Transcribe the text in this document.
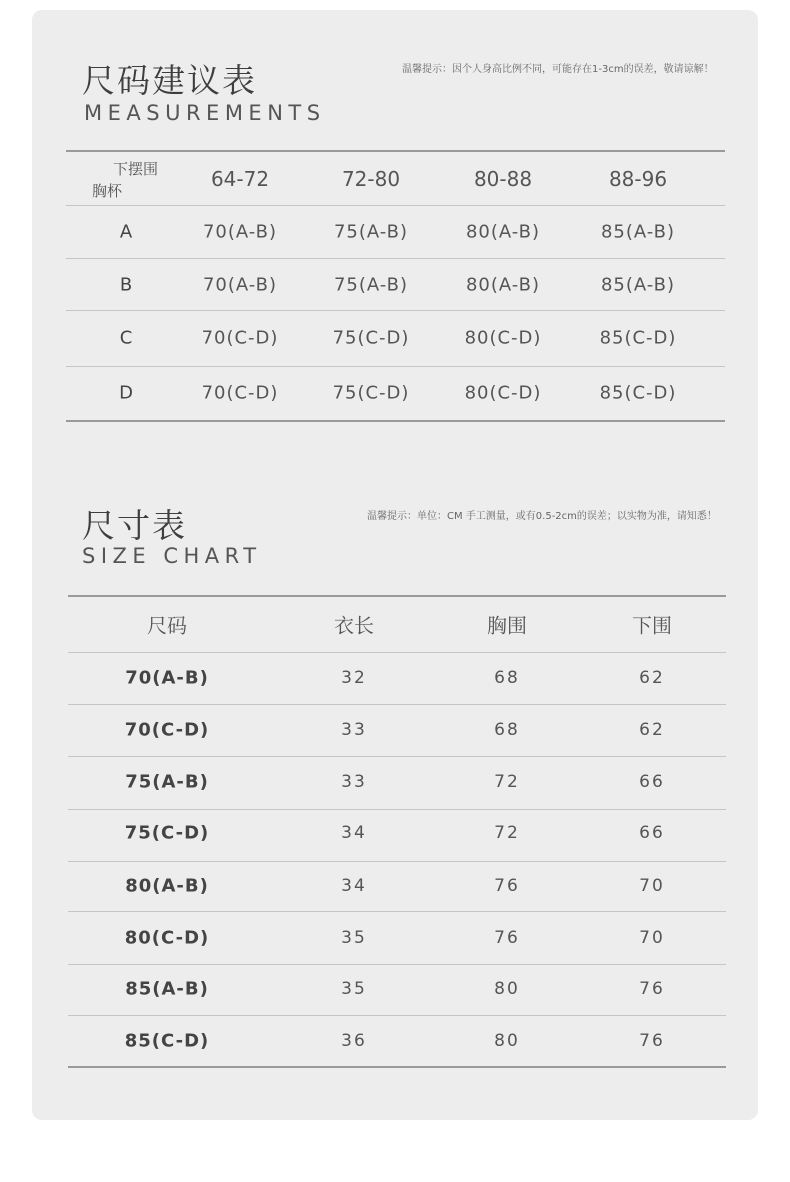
尺码建议表
MEASUREMENTS
温馨提示：因个人身高比例不同，可能存在1-3cm的误差，敬请谅解！
下摆围
胸杯	64-72	72-80	80-88	88-96
A	70(A-B)	75(A-B)	80(A-B)	85(A-B)
B	70(A-B)	75(A-B)	80(A-B)	85(A-B)
C	70(C-D)	75(C-D)	80(C-D)	85(C-D)
D	70(C-D)	75(C-D)	80(C-D)	85(C-D)
尺寸表
SIZE CHART
温馨提示：单位：CM 手工测量，或有0.5-2cm的误差；以实物为准，请知悉！
尺码	衣长	胸围	下围
70(A-B)	32	68	62
70(C-D)	33	68	62
75(A-B)	33	72	66
75(C-D)	34	72	66
80(A-B)	34	76	70
80(C-D)	35	76	70
85(A-B)	35	80	76
85(C-D)	36	80	76
